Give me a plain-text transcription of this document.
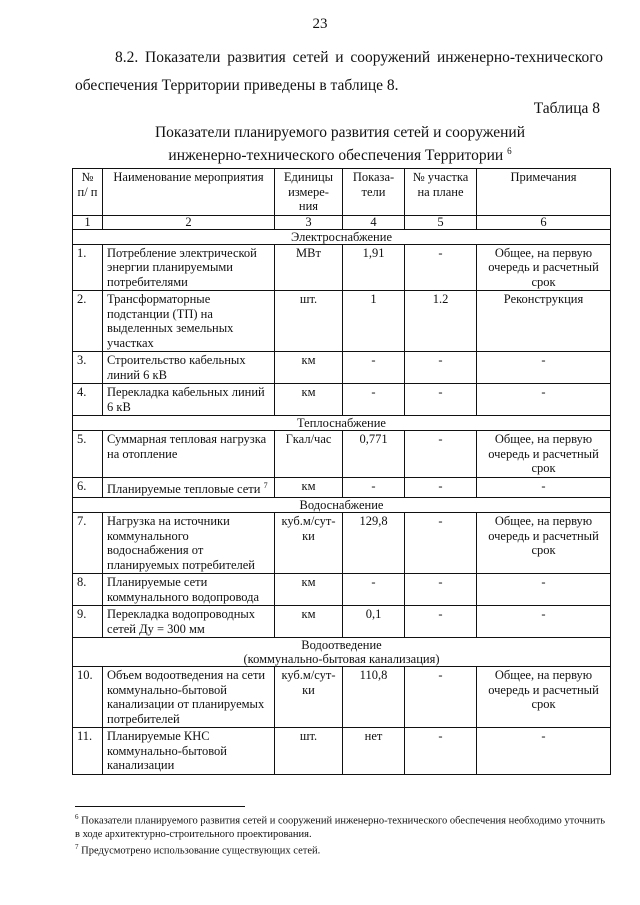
23
8.2. Показатели развития сетей и сооружений инженерно-технического обеспечения Территории приведены в таблице 8.
Таблица 8
Показатели планируемого развития сетей и сооружений
инженерно-технического обеспечения Территории $^6$
№ п/ п	Наименование мероприятия	Единицы измере- ния	Показа- тели	№ участка на плане	Примечания
1	2	3	4	5	6

Электроснабжение					

1.	Потребление электрической энергии планируемыми потребителями	МВт	1,91	-	Общее, на первую очередь и расчетный срок
2.	Трансформаторные подстанции (ТП) на выделенных земельных участках	шт.	1	1.2	Реконструкция
3.	Строительство кабельных линий 6 кВ	км	-	-	-
4.	Перекладка кабельных линий 6 кВ	км	-	-	-

Теплоснабжение					

5.	Суммарная тепловая нагрузка на отопление	Гкал/час	0,771	-	Общее, на первую очередь и расчетный срок
6.	Планируемые тепловые сети $^7$	км	-	-	-

Водоснабжение					

7.	Нагрузка на источники коммунального водоснабжения от планируемых потребителей	куб.м/сут-ки	129,8	-	Общее, на первую очередь и расчетный срок
8.	Планируемые сети коммунального водопровода	км	-	-	-
9.	Перекладка водопроводных сетей Ду = 300 мм	км	0,1	-	-

Водоотведение
(коммунально-бытовая канализация)					

10.	Объем водоотведения на сети коммунально-бытовой канализации от планируемых потребителей	куб.м/сут-ки	110,8	-	Общее, на первую очередь и расчетный срок
11.	Планируемые КНС коммунально-бытовой канализации	шт.	нет	-	-
$^6$ Показатели планируемого развития сетей и сооружений инженерно-технического обеспечения необходимо уточнить в ходе архитектурно-строительного проектирования.
$^7$ Предусмотрено использование существующих сетей.
